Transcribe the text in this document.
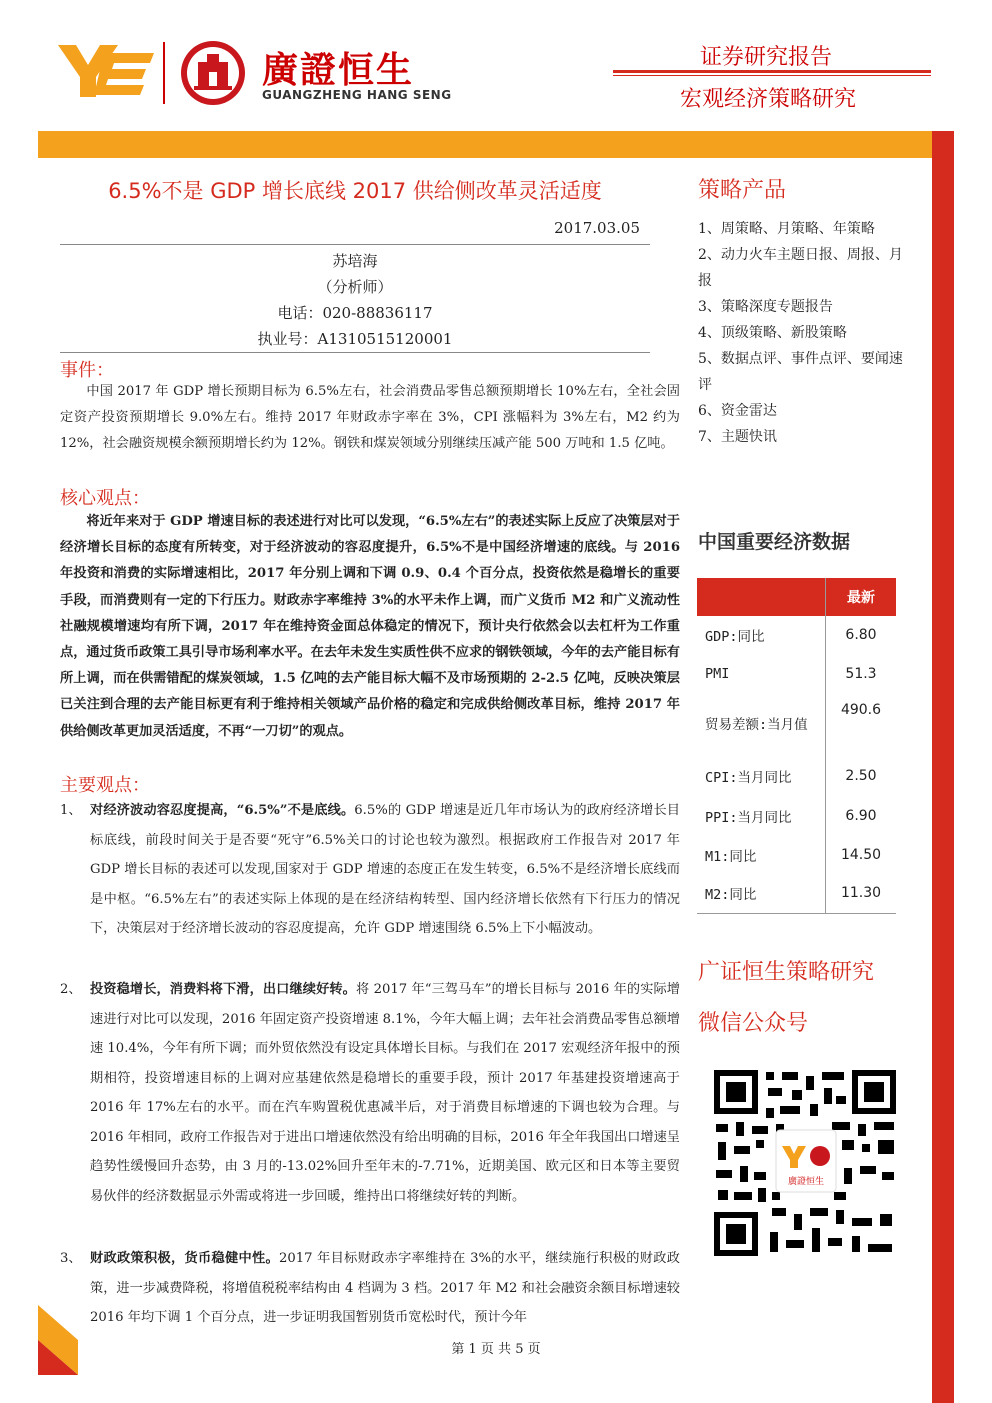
廣證恒生
GUANGZHENG HANG SENG
证券研究报告
宏观经济策略研究
6.5%不是 GDP 增长底线 2017 供给侧改革灵活适度
2017.03.05
苏培海
（分析师）
电话：020-88836117
执业号：A1310515120001
事件：

中国 2017 年 GDP 增长预期目标为 6.5%左右，社会消费品零售总额预期增长 10%左右，全社会固定资产投资预期增长 9.0%左右。维持 2017 年财政赤字率在 3%，CPI 涨幅料为 3%左右，M2 约为 12%，社会融资规模余额预期增长约为 12%。钢铁和煤炭领域分别继续压减产能 500 万吨和 1.5 亿吨。

核心观点：

将近年来对于 GDP 增速目标的表述进行对比可以发现，“6.5%左右”的表述实际上反应了决策层对于经济增长目标的态度有所转变，对于经济波动的容忍度提升，6.5%不是中国经济增速的底线。与 2016 年投资和消费的实际增速相比，2017 年分别上调和下调 0.9、0.4 个百分点，投资依然是稳增长的重要手段，而消费则有一定的下行压力。财政赤字率维持 3%的水平未作上调，而广义货币 M2 和广义流动性社融规模增速均有所下调，2017 年在维持资金面总体稳定的情况下，预计央行依然会以去杠杆为工作重点，通过货币政策工具引导市场利率水平。在去年未发生实质性供不应求的钢铁领域，今年的去产能目标有所上调，而在供需错配的煤炭领域，1.5 亿吨的去产能目标大幅不及市场预期的 2-2.5 亿吨，反映决策层已关注到合理的去产能目标更有利于维持相关领域产品价格的稳定和完成供给侧改革目标，维持 2017 年供给侧改革更加灵活适度，不再“一刀切”的观点。

主要观点：
1、 对经济波动容忍度提高，“6.5%”不是底线。6.5%的 GDP 增速是近几年市场认为的政府经济增长目标底线，前段时间关于是否要“死守”6.5%关口的讨论也较为激烈。根据政府工作报告对 2017 年 GDP 增长目标的表述可以发现,国家对于 GDP 增速的态度正在发生转变，6.5%不是经济增长底线而是中枢。“6.5%左右”的表述实际上体现的是在经济结构转型、国内经济增长依然有下行压力的情况下，决策层对于经济增长波动的容忍度提高，允许 GDP 增速围绕 6.5%上下小幅波动。
2、 投资稳增长，消费料将下滑，出口继续好转。将 2017 年“三驾马车”的增长目标与 2016 年的实际增速进行对比可以发现，2016 年固定资产投资增速 8.1%，今年大幅上调；去年社会消费品零售总额增速 10.4%，今年有所下调；而外贸依然没有设定具体增长目标。与我们在 2017 宏观经济年报中的预期相符，投资增速目标的上调对应基建依然是稳增长的重要手段，预计 2017 年基建投资增速高于 2016 年 17%左右的水平。而在汽车购置税优惠减半后，对于消费目标增速的下调也较为合理。与 2016 年相同，政府工作报告对于进出口增速依然没有给出明确的目标，2016 年全年我国出口增速呈趋势性缓慢回升态势，由 3 月的-13.02%回升至年末的-7.71%，近期美国、欧元区和日本等主要贸易伙伴的经济数据显示外需或将进一步回暖，维持出口将继续好转的判断。
3、 财政政策积极，货币稳健中性。2017 年目标财政赤字率维持在 3%的水平，继续施行积极的财政政策，进一步减费降税，将增值税税率结构由 4 档调为 3 档。2017 年 M2 和社会融资余额目标增速较 2016 年均下调 1 个百分点，进一步证明我国暂别货币宽松时代，预计今年
策略产品
1、周策略、月策略、年策略
2、动力火车主题日报、周报、月报
3、策略深度专题报告
4、顶级策略、新股策略
5、数据点评、事件点评、要闻速评
6、资金雷达
7、主题快讯
中国重要经济数据
	最新
GDP:同比	6.80
PMI	51.3
贸易差额:当月值	490.6
CPI:当月同比	2.50
PPI:当月同比	6.90
M1:同比	14.50
M2:同比	11.30
广证恒生策略研究
微信公众号
廣證恒生
第 1 页 共 5 页
